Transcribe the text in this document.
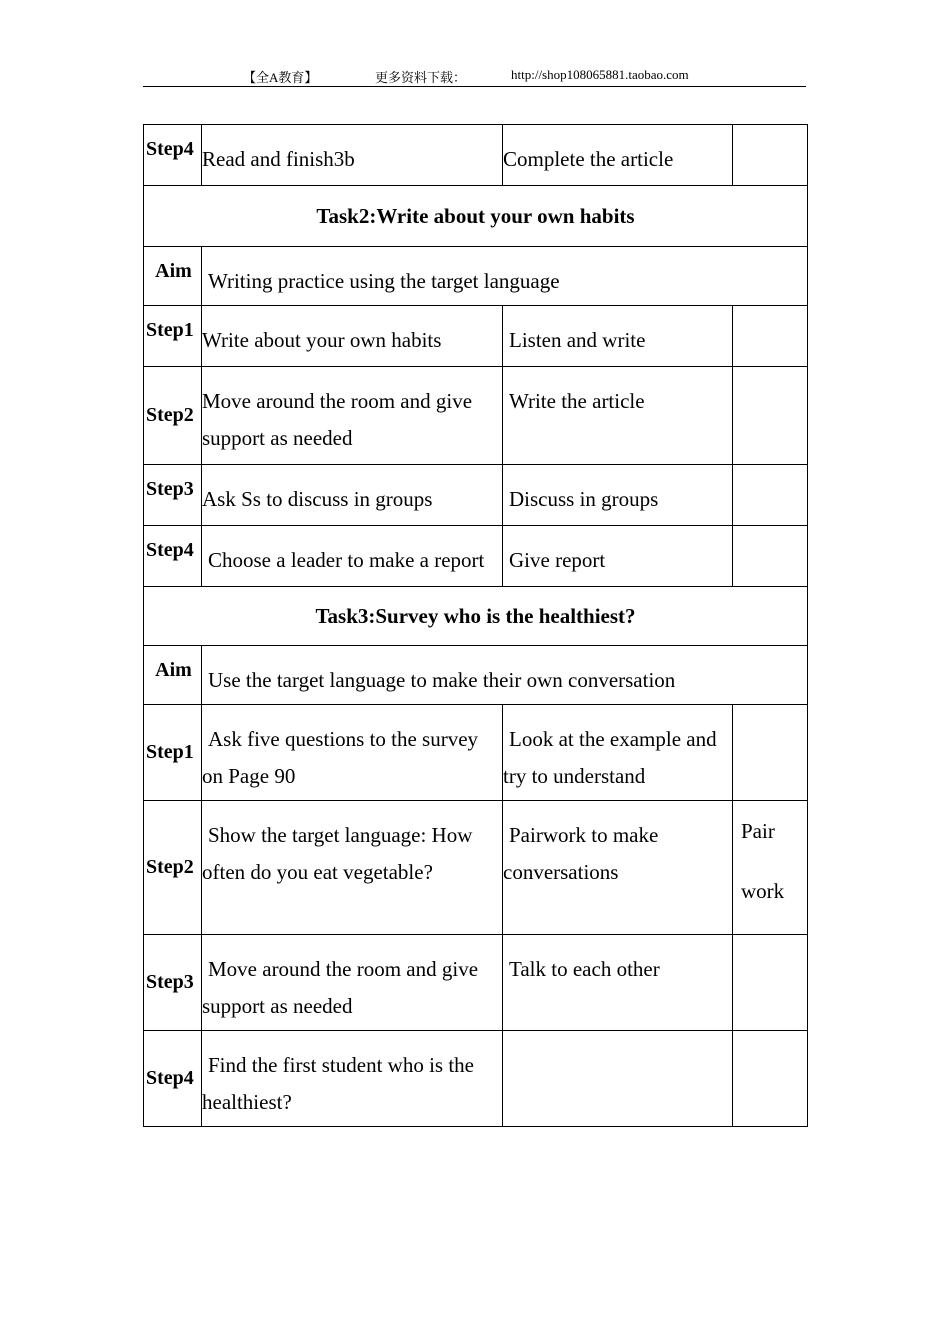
【全A教育】	更多资料下载：	http://shop108065881.taobao.com
Step4	Read and finish3b	Complete the article	
Task2:Write about your own habits			
Aim	Writing practice using the target language		
Step1	Write about your own habits	Listen and write	
Step2	Move around the room and give support as needed	Write the article	
Step3	Ask Ss to discuss in groups	Discuss in groups	
Step4	Choose a leader to make a report	Give report	
Task3:Survey who is the healthiest?			
Aim	Use the target language to make their own conversation		
Step1	Ask five questions to the survey on Page 90	Look at the example and try to understand	
Step2	Show the target language: How often do you eat vegetable?	Pairwork to make conversations	Pair
work

Step3	Move around the room and give support as needed	Talk to each other	
Step4	Find the first student who is the healthiest?		
